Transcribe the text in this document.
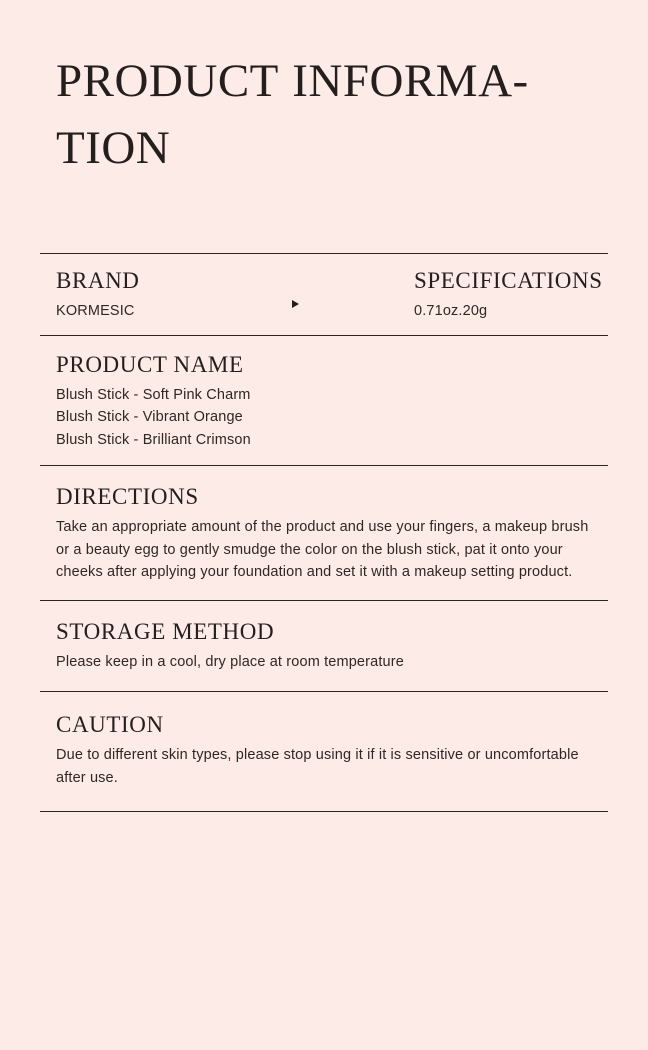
PRODUCT INFORMA-TION
BRAND

KORMESIC

SPECIFICATIONS

0.71oz.20g

PRODUCT NAME

Blush Stick - Soft Pink Charm
Blush Stick - Vibrant Orange
Blush Stick - Brilliant Crimson

DIRECTIONS

Take an appropriate amount of the product and use your fingers, a makeup brush or a beauty egg to gently smudge the color on the blush stick, pat it onto your cheeks after applying your foundation and set it with a makeup setting product.

STORAGE METHOD

Please keep in a cool, dry place at room temperature

CAUTION

Due to different skin types, please stop using it if it is sensitive or uncomfortable after use.
